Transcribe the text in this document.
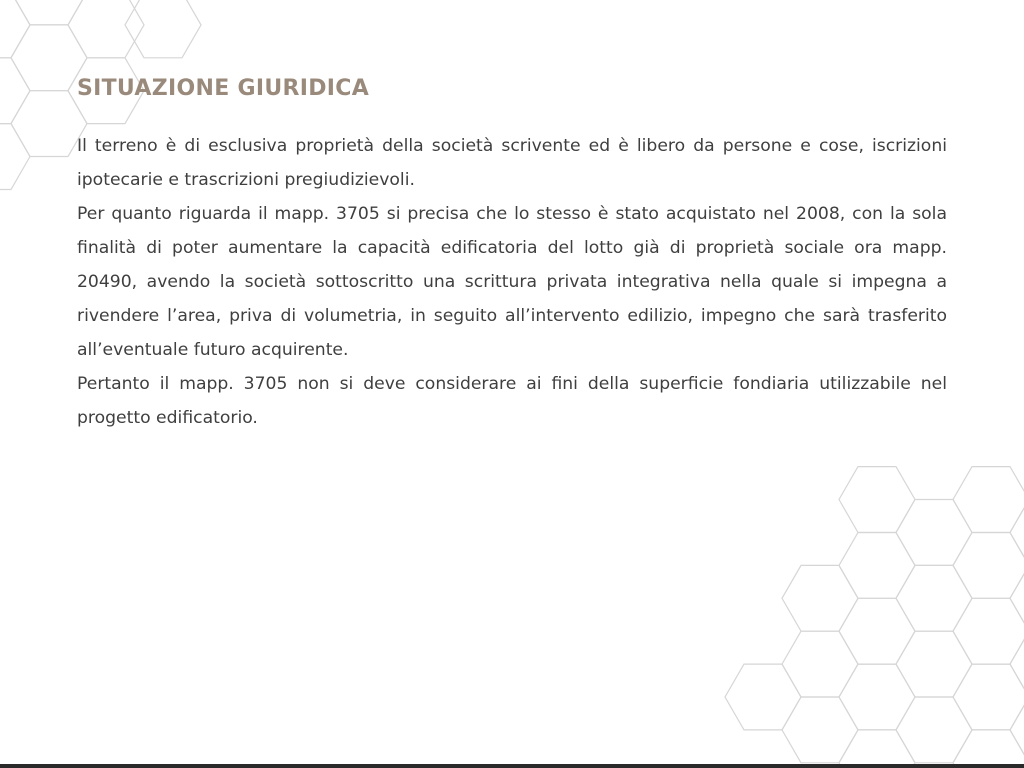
SITUAZIONE GIURIDICA

Il terreno è di esclusiva proprietà della società scrivente ed è libero da persone e cose, iscrizioni ipotecarie e trascrizioni pregiudizievoli.

Per quanto riguarda il mapp. 3705 si precisa che lo stesso è stato acquistato nel 2008, con la sola finalità di poter aumentare la capacità edificatoria del lotto già di proprietà sociale ora mapp. 20490, avendo la società sottoscritto una scrittura privata integrativa nella quale si impegna a rivendere l’area, priva di volumetria, in seguito all’intervento edilizio, impegno che sarà trasferito all’eventuale futuro acquirente.

Pertanto il mapp. 3705 non si deve considerare ai fini della superficie fondiaria utilizzabile nel progetto edificatorio.
